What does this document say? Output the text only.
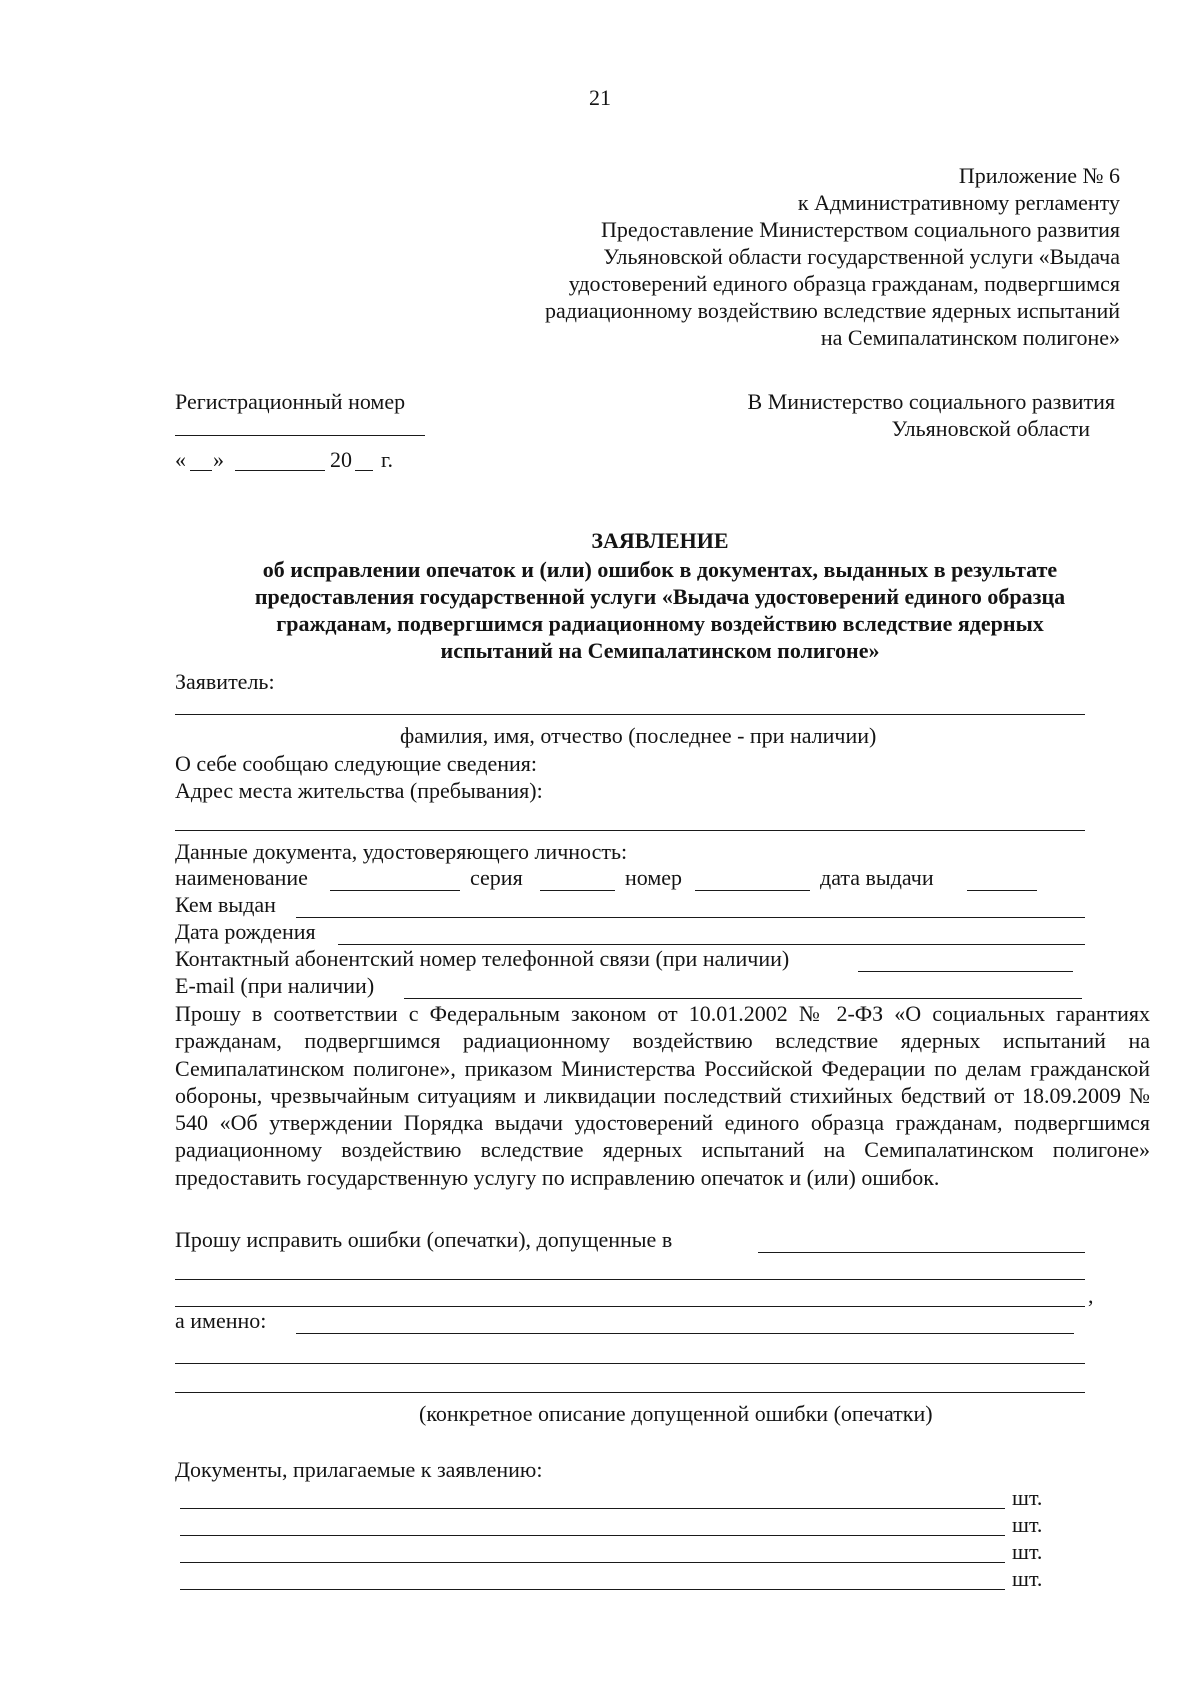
21
Приложение № 6
к Административному регламенту
Предоставление Министерством социального развития
Ульяновской области государственной услуги «Выдача
удостоверений единого образца гражданам, подвергшимся
радиационному воздействию вследствие ядерных испытаний
на Семипалатинском полигоне»
Регистрационный номер
« »	20 г.
В Министерство социального развития
Ульяновской области
ЗАЯВЛЕНИЕ
об исправлении опечаток и (или) ошибок в документах, выданных в результате
предоставления государственной услуги «Выдача удостоверений единого образца
гражданам, подвергшимся радиационному воздействию вследствие ядерных
испытаний на Семипалатинском полигоне»
Заявитель:
фамилия, имя, отчество (последнее - при наличии)
О себе сообщаю следующие сведения:
Адрес места жительства (пребывания):
Данные документа, удостоверяющего личность:
наименование	серия	номер	дата выдачи
Кем выдан
Дата рождения
Контактный абонентский номер телефонной связи (при наличии)
E-mail (при наличии)
Прошу в соответствии с Федеральным законом от 10.01.2002 № 2-ФЗ «О социальных гарантиях гражданам, подвергшимся радиационному воздействию вследствие ядерных испытаний на Семипалатинском полигоне», приказом Министерства Российской Федерации по делам гражданской обороны, чрезвычайным ситуациям и ликвидации последствий стихийных бедствий от 18.09.2009 № 540 «Об утверждении Порядка выдачи удостоверений единого образца гражданам, подвергшимся радиационному воздействию вследствие ядерных испытаний на Семипалатинском полигоне» предоставить государственную услугу по исправлению опечаток и (или) ошибок.
Прошу исправить ошибки (опечатки), допущенные в
,
а именно:
(конкретное описание допущенной ошибки (опечатки)
Документы, прилагаемые к заявлению:
шт.
шт.
шт.
шт.
